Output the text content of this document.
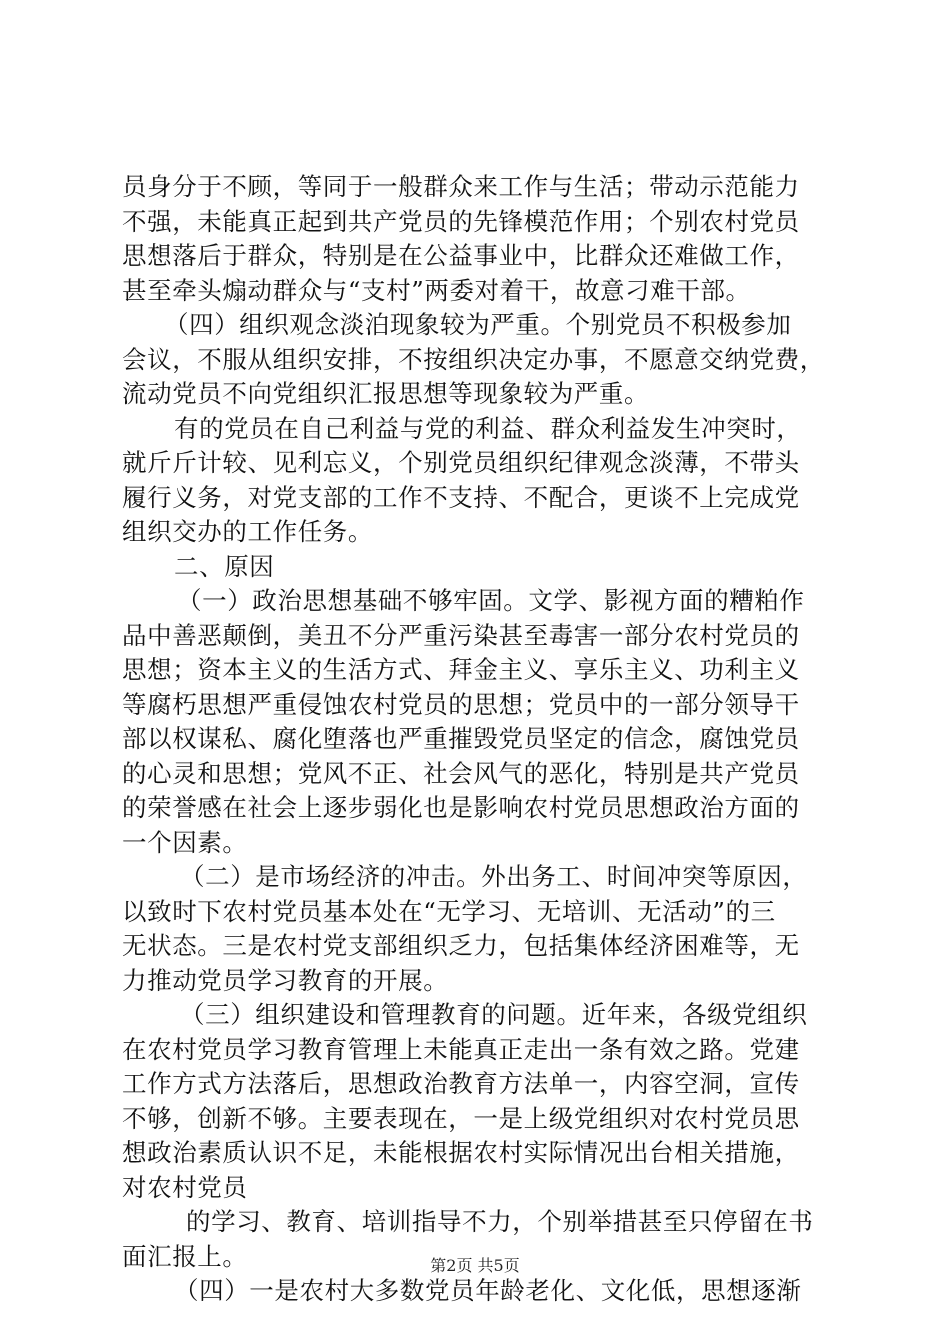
员身分于不顾，等同于一般群众来工作与生活；带动示范能力
不强，未能真正起到共产党员的先锋模范作用；个别农村党员
思想落后于群众，特别是在公益事业中，比群众还难做工作，
甚至牵头煽动群众与“支村”两委对着干，故意刁难干部。
（四）组织观念淡泊现象较为严重。个别党员不积极参加
会议，不服从组织安排，不按组织决定办事，不愿意交纳党费，
流动党员不向党组织汇报思想等现象较为严重。
有的党员在自己利益与党的利益、群众利益发生冲突时，
就斤斤计较、见利忘义，个别党员组织纪律观念淡薄，不带头
履行义务，对党支部的工作不支持、不配合，更谈不上完成党
组织交办的工作任务。
二、原因
（一）政治思想基础不够牢固。文学、影视方面的糟粕作
品中善恶颠倒，美丑不分严重污染甚至毒害一部分农村党员的
思想；资本主义的生活方式、拜金主义、享乐主义、功利主义
等腐朽思想严重侵蚀农村党员的思想；党员中的一部分领导干
部以权谋私、腐化堕落也严重摧毁党员坚定的信念，腐蚀党员
的心灵和思想；党风不正、社会风气的恶化，特别是共产党员
的荣誉感在社会上逐步弱化也是影响农村党员思想政治方面的
一个因素。
（二）是市场经济的冲击。外出务工、时间冲突等原因，
以致时下农村党员基本处在“无学习、无培训、无活动”的三
无状态。三是农村党支部组织乏力，包括集体经济困难等，无
力推动党员学习教育的开展。
（三）组织建设和管理教育的问题。近年来，各级党组织
在农村党员学习教育管理上未能真正走出一条有效之路。党建
工作方式方法落后，思想政治教育方法单一，内容空洞，宣传
不够，创新不够。主要表现在，一是上级党组织对农村党员思
想政治素质认识不足，未能根据农村实际情况出台相关措施，
对农村党员
的学习、教育、培训指导不力，个别举措甚至只停留在书
面汇报上。
（四）一是农村大多数党员年龄老化、文化低，思想逐渐
第2页 共5页
